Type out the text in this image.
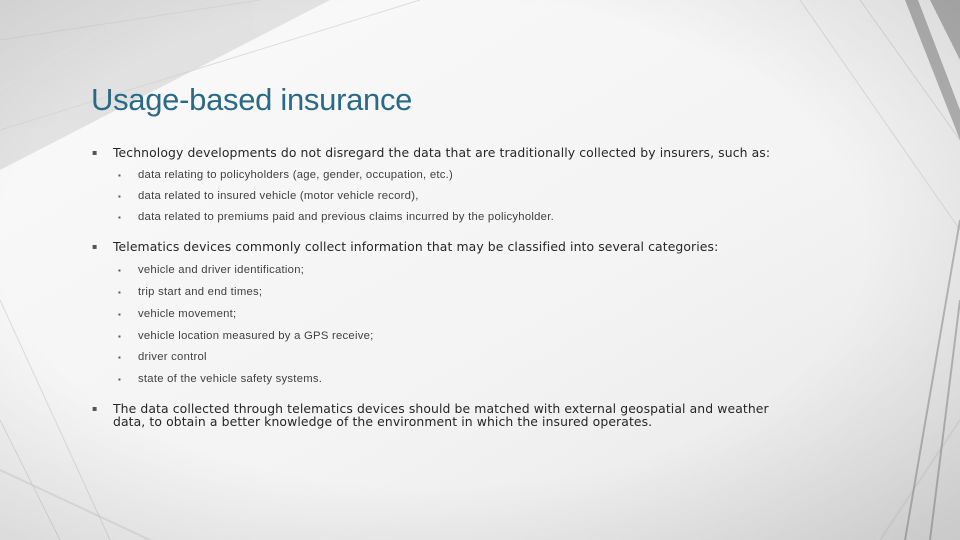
Usage-based insurance
▪ Technology developments do not disregard the data that are traditionally collected by insurers, such as:
▪ data relating to policyholders (age, gender, occupation, etc.)
▪ data related to insured vehicle (motor vehicle record),
▪ data related to premiums paid and previous claims incurred by the policyholder.
▪ Telematics devices commonly collect information that may be classified into several categories:
▪ vehicle and driver identification;
▪ trip start and end times;
▪ vehicle movement;
▪ vehicle location measured by a GPS receive;
▪ driver control
▪ state of the vehicle safety systems.
▪ The data collected through telematics devices should be matched with external geospatial and weather data, to obtain a better knowledge of the environment in which the insured operates.
